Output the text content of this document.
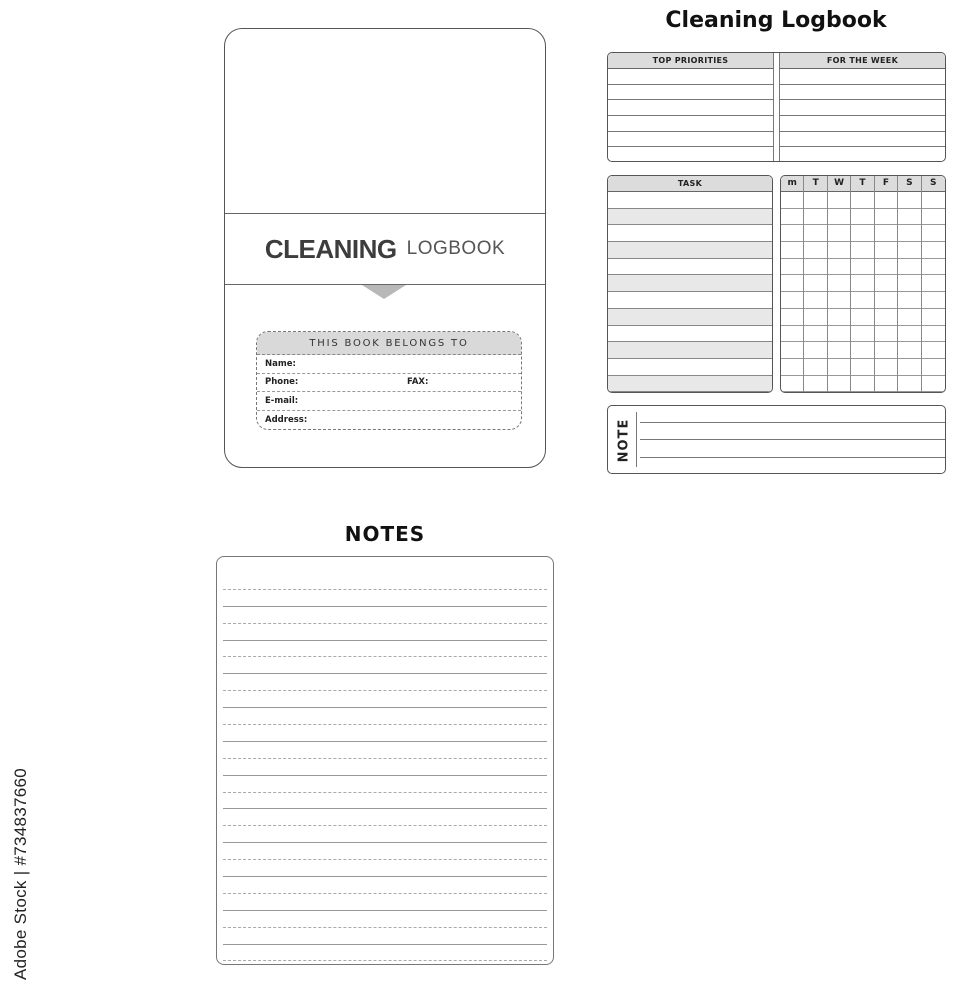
CLEANING LOGBOOK
THIS BOOK BELONGS TO
Name:
Phone:	FAX:
E-mail:
Address:
Cleaning Logbook
TOP PRIORITIES	FOR THE WEEK
TASK	m	T	W	T	F	S	S
NOTE
NOTES
Adobe Stock | #734837660
